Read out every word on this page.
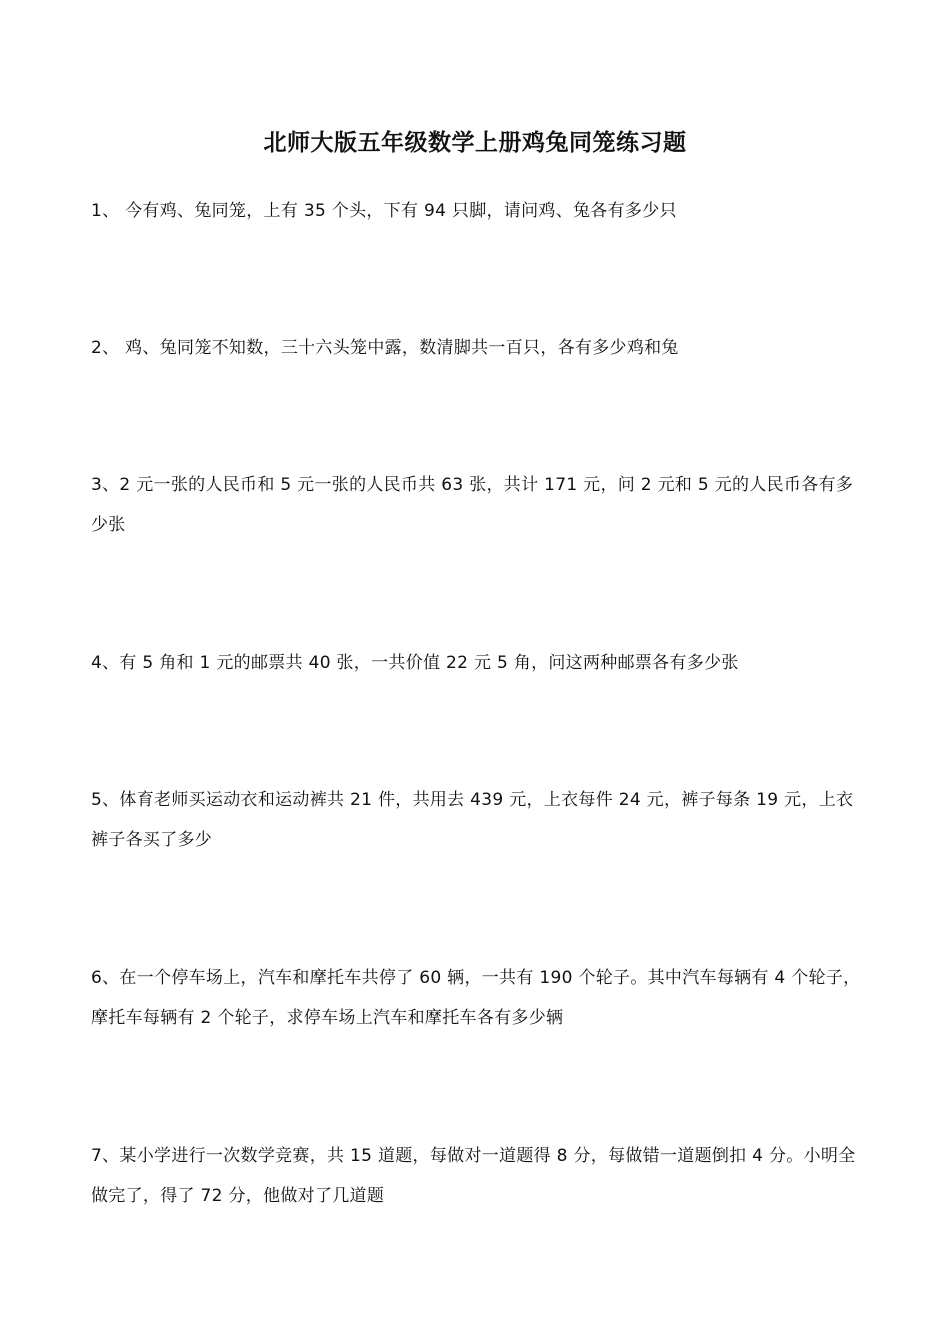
北师大版五年级数学上册鸡兔同笼练习题
1、 今有鸡、兔同笼，上有 35 个头，下有 94 只脚，请问鸡、兔各有多少只
2、 鸡、兔同笼不知数，三十六头笼中露，数清脚共一百只，各有多少鸡和兔
3、2 元一张的人民币和 5 元一张的人民币共 63 张，共计 171 元，问 2 元和 5 元的人民币各有多少张
4、有 5 角和 1 元的邮票共 40 张，一共价值 22 元 5 角，问这两种邮票各有多少张
5、体育老师买运动衣和运动裤共 21 件，共用去 439 元，上衣每件 24 元，裤子每条 19 元，上衣裤子各买了多少
6、在一个停车场上，汽车和摩托车共停了 60 辆，一共有 190 个轮子。其中汽车每辆有 4 个轮子，摩托车每辆有 2 个轮子，求停车场上汽车和摩托车各有多少辆
7、某小学进行一次数学竞赛，共 15 道题，每做对一道题得 8 分，每做错一道题倒扣 4 分。小明全做完了，得了 72 分，他做对了几道题
